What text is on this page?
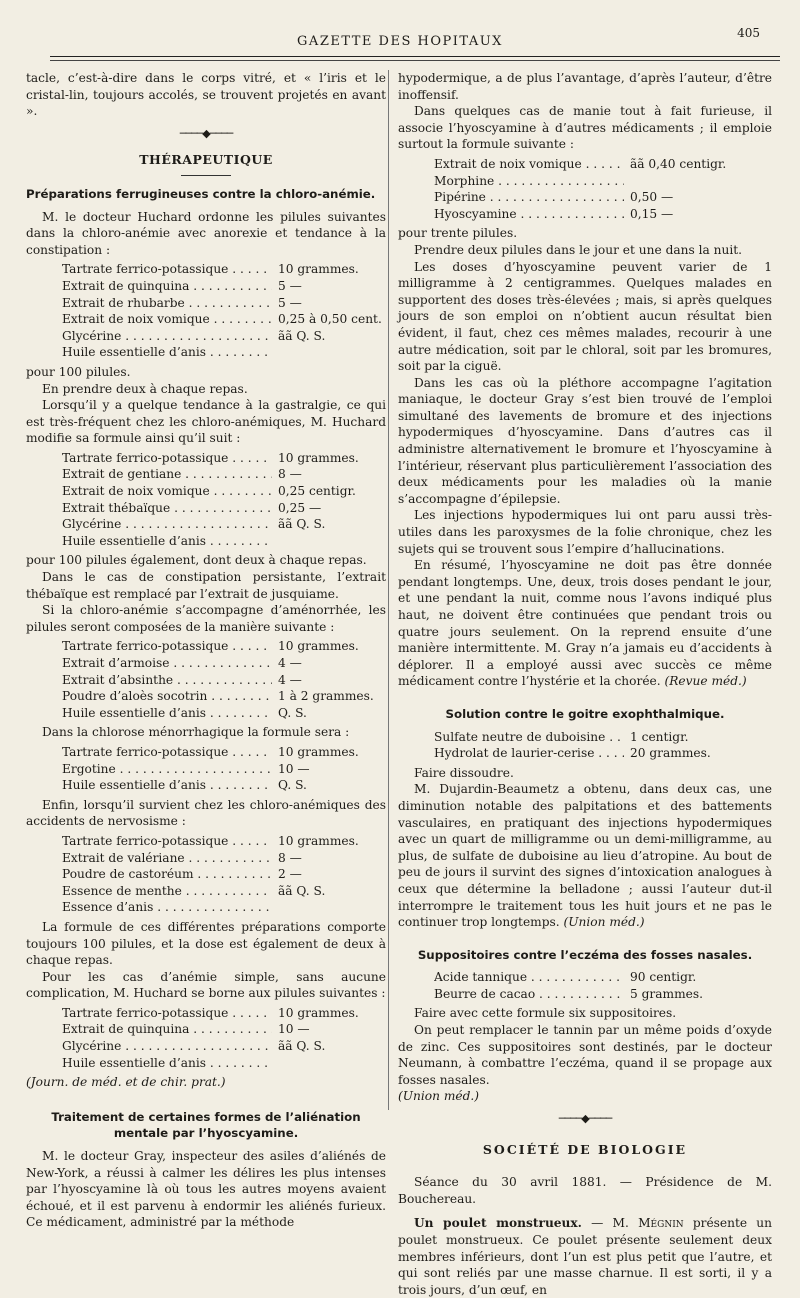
GAZETTE DES HOPITAUX
405

tacle, c’est-à-dire dans le corps vitré, et « l’iris et le cristal-lin, toujours accolés, se trouvent projetés en avant ».

────◆────
THÉRAPEUTIQUE
Préparations ferrugineuses contre la chloro-anémie.

M. le docteur Huchard ordonne les pilules suivantes dans la chloro-anémie avec anorexie et tendance à la constipation :

Tartrate ferrico-potassique . . .	10 grammes.
Extrait de quinquina . . .	5 —
Extrait de rhubarbe . . .	5 —
Extrait de noix vomique . . .	0,25 à 0,50 cent.
Glycérine . . .	ãã Q. S.
Huile essentielle d’anis . . .

pour 100 pilules.

En prendre deux à chaque repas.

Lorsqu’il y a quelque tendance à la gastralgie, ce qui est très-fréquent chez les chloro-anémiques, M. Huchard modifie sa formule ainsi qu’il suit :

Tartrate ferrico-potassique . . .	10 grammes.
Extrait de gentiane . . .	8 —
Extrait de noix vomique . . .	0,25 centigr.
Extrait thébaïque . . .	0,25 —
Glycérine . . .	ãã Q. S.
Huile essentielle d’anis . . .

pour 100 pilules également, dont deux à chaque repas.

Dans le cas de constipation persistante, l’extrait thébaïque est remplacé par l’extrait de jusquiame.

Si la chloro-anémie s’accompagne d’aménorrhée, les pilules seront composées de la manière suivante :

Tartrate ferrico-potassique . . .	10 grammes.
Extrait d’armoise . . .	4 —
Extrait d’absinthe . . .	4 —
Poudre d’aloès socotrin . . .	1 à 2 grammes.
Huile essentielle d’anis . . .	Q. S.

Dans la chlorose ménorrhagique la formule sera :

Tartrate ferrico-potassique . . .	10 grammes.
Ergotine . . .	10 —
Huile essentielle d’anis . . .	Q. S.

Enfin, lorsqu’il survient chez les chloro-anémiques des accidents de nervosisme :

Tartrate ferrico-potassique . . .	10 grammes.
Extrait de valériane . . .	8 —
Poudre de castoréum . . .	2 —
Essence de menthe . . .	ãã Q. S.
Essence d’anis . . .

La formule de ces différentes préparations comporte toujours 100 pilules, et la dose est également de deux à chaque repas.

Pour les cas d’anémie simple, sans aucune complication, M. Huchard se borne aux pilules suivantes :

Tartrate ferrico-potassique . . .	10 grammes.
Extrait de quinquina . . .	10 —
Glycérine . . .	ãã Q. S.
Huile essentielle d’anis . . .

(Journ. de méd. et de chir. prat.)

Traitement de certaines formes de l’aliénation mentale par l’hyoscyamine.

M. le docteur Gray, inspecteur des asiles d’aliénés de New-York, a réussi à calmer les délires les plus intenses par l’hyoscyamine là où tous les autres moyens avaient échoué, et il est parvenu à endormir les aliénés furieux. Ce médicament, administré par la méthode

hypodermique, a de plus l’avantage, d’après l’auteur, d’être inoffensif.

Dans quelques cas de manie tout à fait furieuse, il associe l’hyoscyamine à d’autres médicaments ; il emploie surtout la formule suivante :

Extrait de noix vomique . . .	ãã 0,40 centigr.
Morphine . . .
Pipérine . . .	0,50 —
Hyoscyamine . . .	0,15 —

pour trente pilules.

Prendre deux pilules dans le jour et une dans la nuit.

Les doses d’hyoscyamine peuvent varier de 1 milligramme à 2 centigrammes. Quelques malades en supportent des doses très-élevées ; mais, si après quelques jours de son emploi on n’obtient aucun résultat bien évident, il faut, chez ces mêmes malades, recourir à une autre médication, soit par le chloral, soit par les bromures, soit par la ciguë.

Dans les cas où la pléthore accompagne l’agitation maniaque, le docteur Gray s’est bien trouvé de l’emploi simultané des lavements de bromure et des injections hypodermiques d’hyoscyamine. Dans d’autres cas il administre alternativement le bromure et l’hyoscyamine à l’intérieur, réservant plus particulièrement l’association des deux médicaments pour les maladies où la manie s’accompagne d’épilepsie.

Les injections hypodermiques lui ont paru aussi très-utiles dans les paroxysmes de la folie chronique, chez les sujets qui se trouvent sous l’empire d’hallucinations.

En résumé, l’hyoscyamine ne doit pas être donnée pendant longtemps. Une, deux, trois doses pendant le jour, et une pendant la nuit, comme nous l’avons indiqué plus haut, ne doivent être continuées que pendant trois ou quatre jours seulement. On la reprend ensuite d’une manière intermittente. M. Gray n’a jamais eu d’accidents à déplorer. Il a employé aussi avec succès ce même médicament contre l’hystérie et la chorée. (Revue méd.)

Solution contre le goitre exophthalmique.
Sulfate neutre de duboisine . . .	1 centigr.
Hydrolat de laurier-cerise . . .	20 grammes.

Faire dissoudre.

M. Dujardin-Beaumetz a obtenu, dans deux cas, une diminution notable des palpitations et des battements vasculaires, en pratiquant des injections hypodermiques avec un quart de milligramme ou un demi-milligramme, au plus, de sulfate de duboisine au lieu d’atropine. Au bout de peu de jours il survint des signes d’intoxication analogues à ceux que détermine la belladone ; aussi l’auteur dut-il interrompre le traitement tous les huit jours et ne pas le continuer trop longtemps. (Union méd.)

Suppositoires contre l’eczéma des fosses nasales.
Acide tannique . . .	90 centigr.
Beurre de cacao . . .	5 grammes.

Faire avec cette formule six suppositoires.

On peut remplacer le tannin par un même poids d’oxyde de zinc. Ces suppositoires sont destinés, par le docteur Neumann, à combattre l’eczéma, quand il se propage aux fosses nasales.

(Union méd.)

────◆────
SOCIÉTÉ DE BIOLOGIE

Séance du 30 avril 1881. — Présidence de M. Bouchereau.

Un poulet monstrueux. — M. Mégnin présente un poulet monstrueux. Ce poulet présente seulement deux membres inférieurs, dont l’un est plus petit que l’autre, et qui sont reliés par une masse charnue. Il est sorti, il y a trois jours, d’un œuf, en
